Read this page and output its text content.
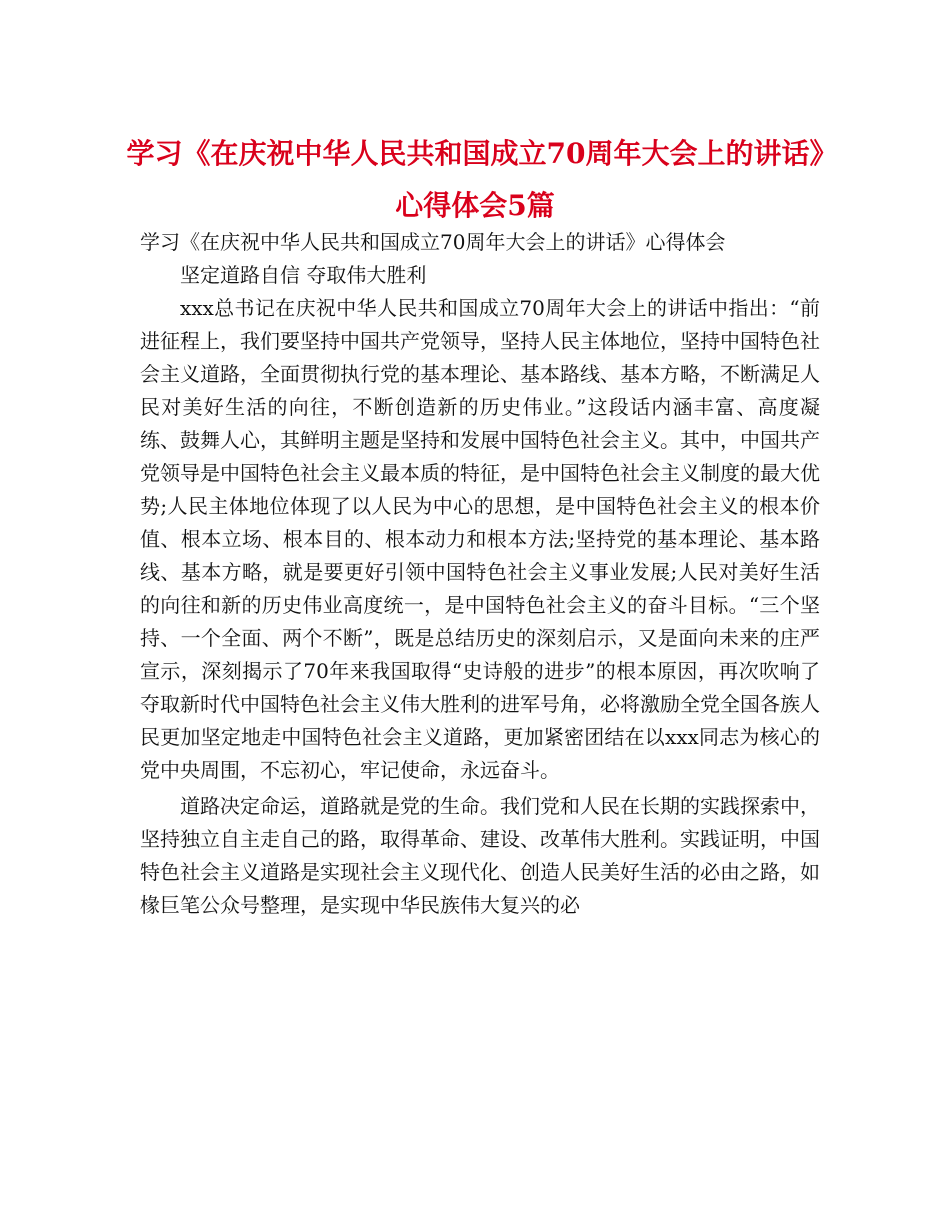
学习《在庆祝中华人民共和国成立70周年大会上的讲话》心得体会5篇

学习《在庆祝中华人民共和国成立70周年大会上的讲话》心得体会

坚定道路自信 夺取伟大胜利

xxx总书记在庆祝中华人民共和国成立70周年大会上的讲话中指出：“前进征程上，我们要坚持中国共产党领导，坚持人民主体地位，坚持中国特色社会主义道路，全面贯彻执行党的基本理论、基本路线、基本方略，不断满足人民对美好生活的向往，不断创造新的历史伟业。”这段话内涵丰富、高度凝练、鼓舞人心，其鲜明主题是坚持和发展中国特色社会主义。其中，中国共产党领导是中国特色社会主义最本质的特征，是中国特色社会主义制度的最大优势;人民主体地位体现了以人民为中心的思想，是中国特色社会主义的根本价值、根本立场、根本目的、根本动力和根本方法;坚持党的基本理论、基本路线、基本方略，就是要更好引领中国特色社会主义事业发展;人民对美好生活的向往和新的历史伟业高度统一，是中国特色社会主义的奋斗目标。“三个坚持、一个全面、两个不断”，既是总结历史的深刻启示，又是面向未来的庄严宣示，深刻揭示了70年来我国取得“史诗般的进步”的根本原因，再次吹响了夺取新时代中国特色社会主义伟大胜利的进军号角，必将激励全党全国各族人民更加坚定地走中国特色社会主义道路，更加紧密团结在以xxx同志为核心的党中央周围，不忘初心，牢记使命，永远奋斗。

道路决定命运，道路就是党的生命。我们党和人民在长期的实践探索中，坚持独立自主走自己的路，取得革命、建设、改革伟大胜利。实践证明，中国特色社会主义道路是实现社会主义现代化、创造人民美好生活的必由之路，如椽巨笔公众号整理，是实现中华民族伟大复兴的必
